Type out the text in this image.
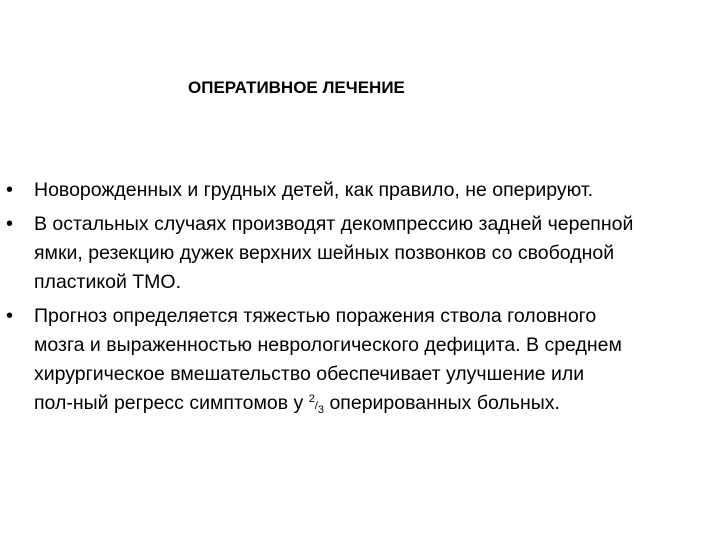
ОПЕРАТИВНОЕ ЛЕЧЕНИЕ
• Новорожденных и грудных детей, как правило, не оперируют.
• В остальных случаях производят декомпрессию задней черепной
ямки, резекцию дужек верхних шейных позвонков со свободной
пластикой ТМО.
• Прогноз определяется тяжестью поражения ствола головного
мозга и выраженностью неврологического дефицита. В среднем
хирургическое вмешательство обеспечивает улучшение или
пол-ный регресс симптомов у 2/3 оперированных больных.
